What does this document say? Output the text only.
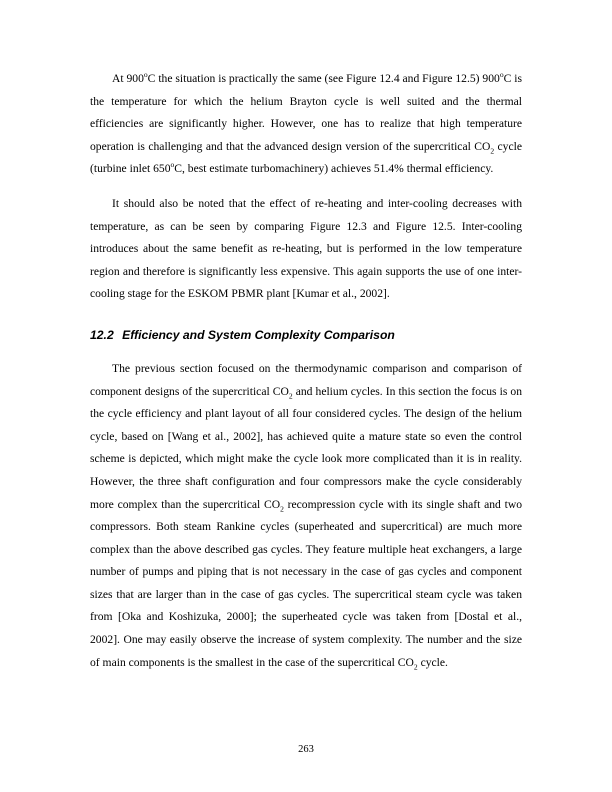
At 900$^o$C the situation is practically the same (see Figure 12.4 and Figure 12.5) 900$^o$C is the temperature for which the helium Brayton cycle is well suited and the thermal efficiencies are significantly higher. However, one has to realize that high temperature operation is challenging and that the advanced design version of the supercritical $CO_2$ cycle (turbine inlet 650$^o$C, best estimate turbomachinery) achieves 51.4% thermal efficiency.

It should also be noted that the effect of re-heating and inter-cooling decreases with temperature, as can be seen by comparing Figure 12.3 and Figure 12.5. Inter-cooling introduces about the same benefit as re-heating, but is performed in the low temperature region and therefore is significantly less expensive. This again supports the use of one inter-cooling stage for the ESKOM PBMR plant [Kumar et al., 2002].

12.2 Efficiency and System Complexity Comparison

The previous section focused on the thermodynamic comparison and comparison of component designs of the supercritical $CO_2$ and helium cycles. In this section the focus is on the cycle efficiency and plant layout of all four considered cycles. The design of the helium cycle, based on [Wang et al., 2002], has achieved quite a mature state so even the control scheme is depicted, which might make the cycle look more complicated than it is in reality. However, the three shaft configuration and four compressors make the cycle considerably more complex than the supercritical $CO_2$ recompression cycle with its single shaft and two compressors. Both steam Rankine cycles (superheated and supercritical) are much more complex than the above described gas cycles. They feature multiple heat exchangers, a large number of pumps and piping that is not necessary in the case of gas cycles and component sizes that are larger than in the case of gas cycles. The supercritical steam cycle was taken from [Oka and Koshizuka, 2000]; the superheated cycle was taken from [Dostal et al., 2002]. One may easily observe the increase of system complexity. The number and the size of main components is the smallest in the case of the supercritical $CO_2$ cycle.

263
